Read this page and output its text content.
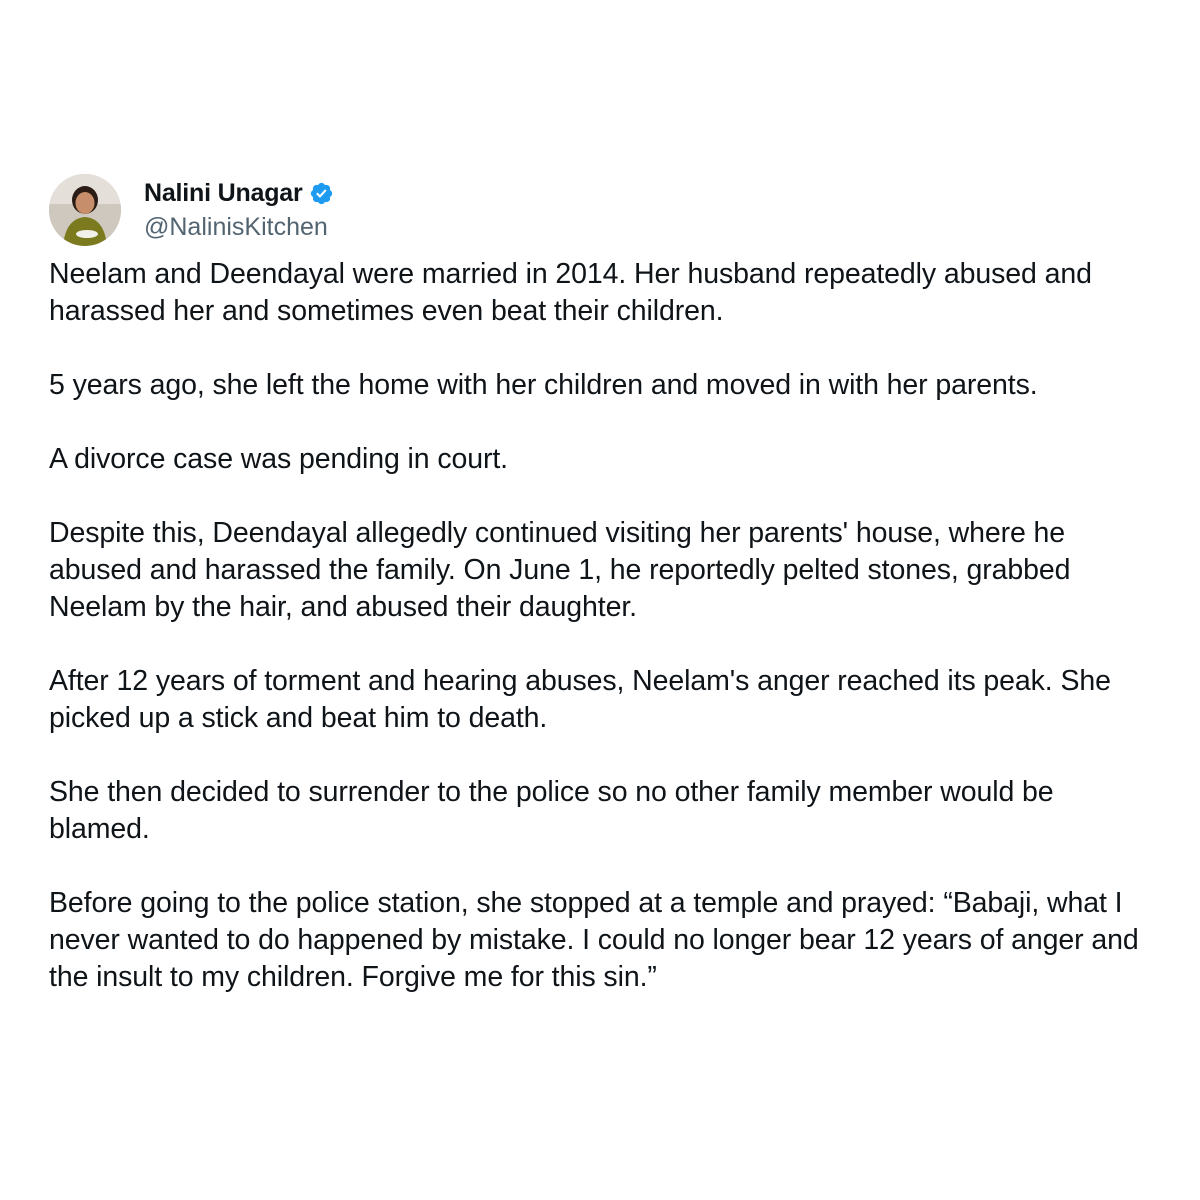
Nalini Unagar
@NalinisKitchen

Neelam and Deendayal were married in 2014. Her husband repeatedly abused and harassed her and sometimes even beat their children.

5 years ago, she left the home with her children and moved in with her parents.

A divorce case was pending in court.

Despite this, Deendayal allegedly continued visiting her parents' house, where he abused and harassed the family. On June 1, he reportedly pelted stones, grabbed Neelam by the hair, and abused their daughter.

After 12 years of torment and hearing abuses, Neelam's anger reached its peak. She picked up a stick and beat him to death.

She then decided to surrender to the police so no other family member would be blamed.

Before going to the police station, she stopped at a temple and prayed: “Babaji, what I never wanted to do happened by mistake. I could no longer bear 12 years of anger and the insult to my children. Forgive me for this sin.”
